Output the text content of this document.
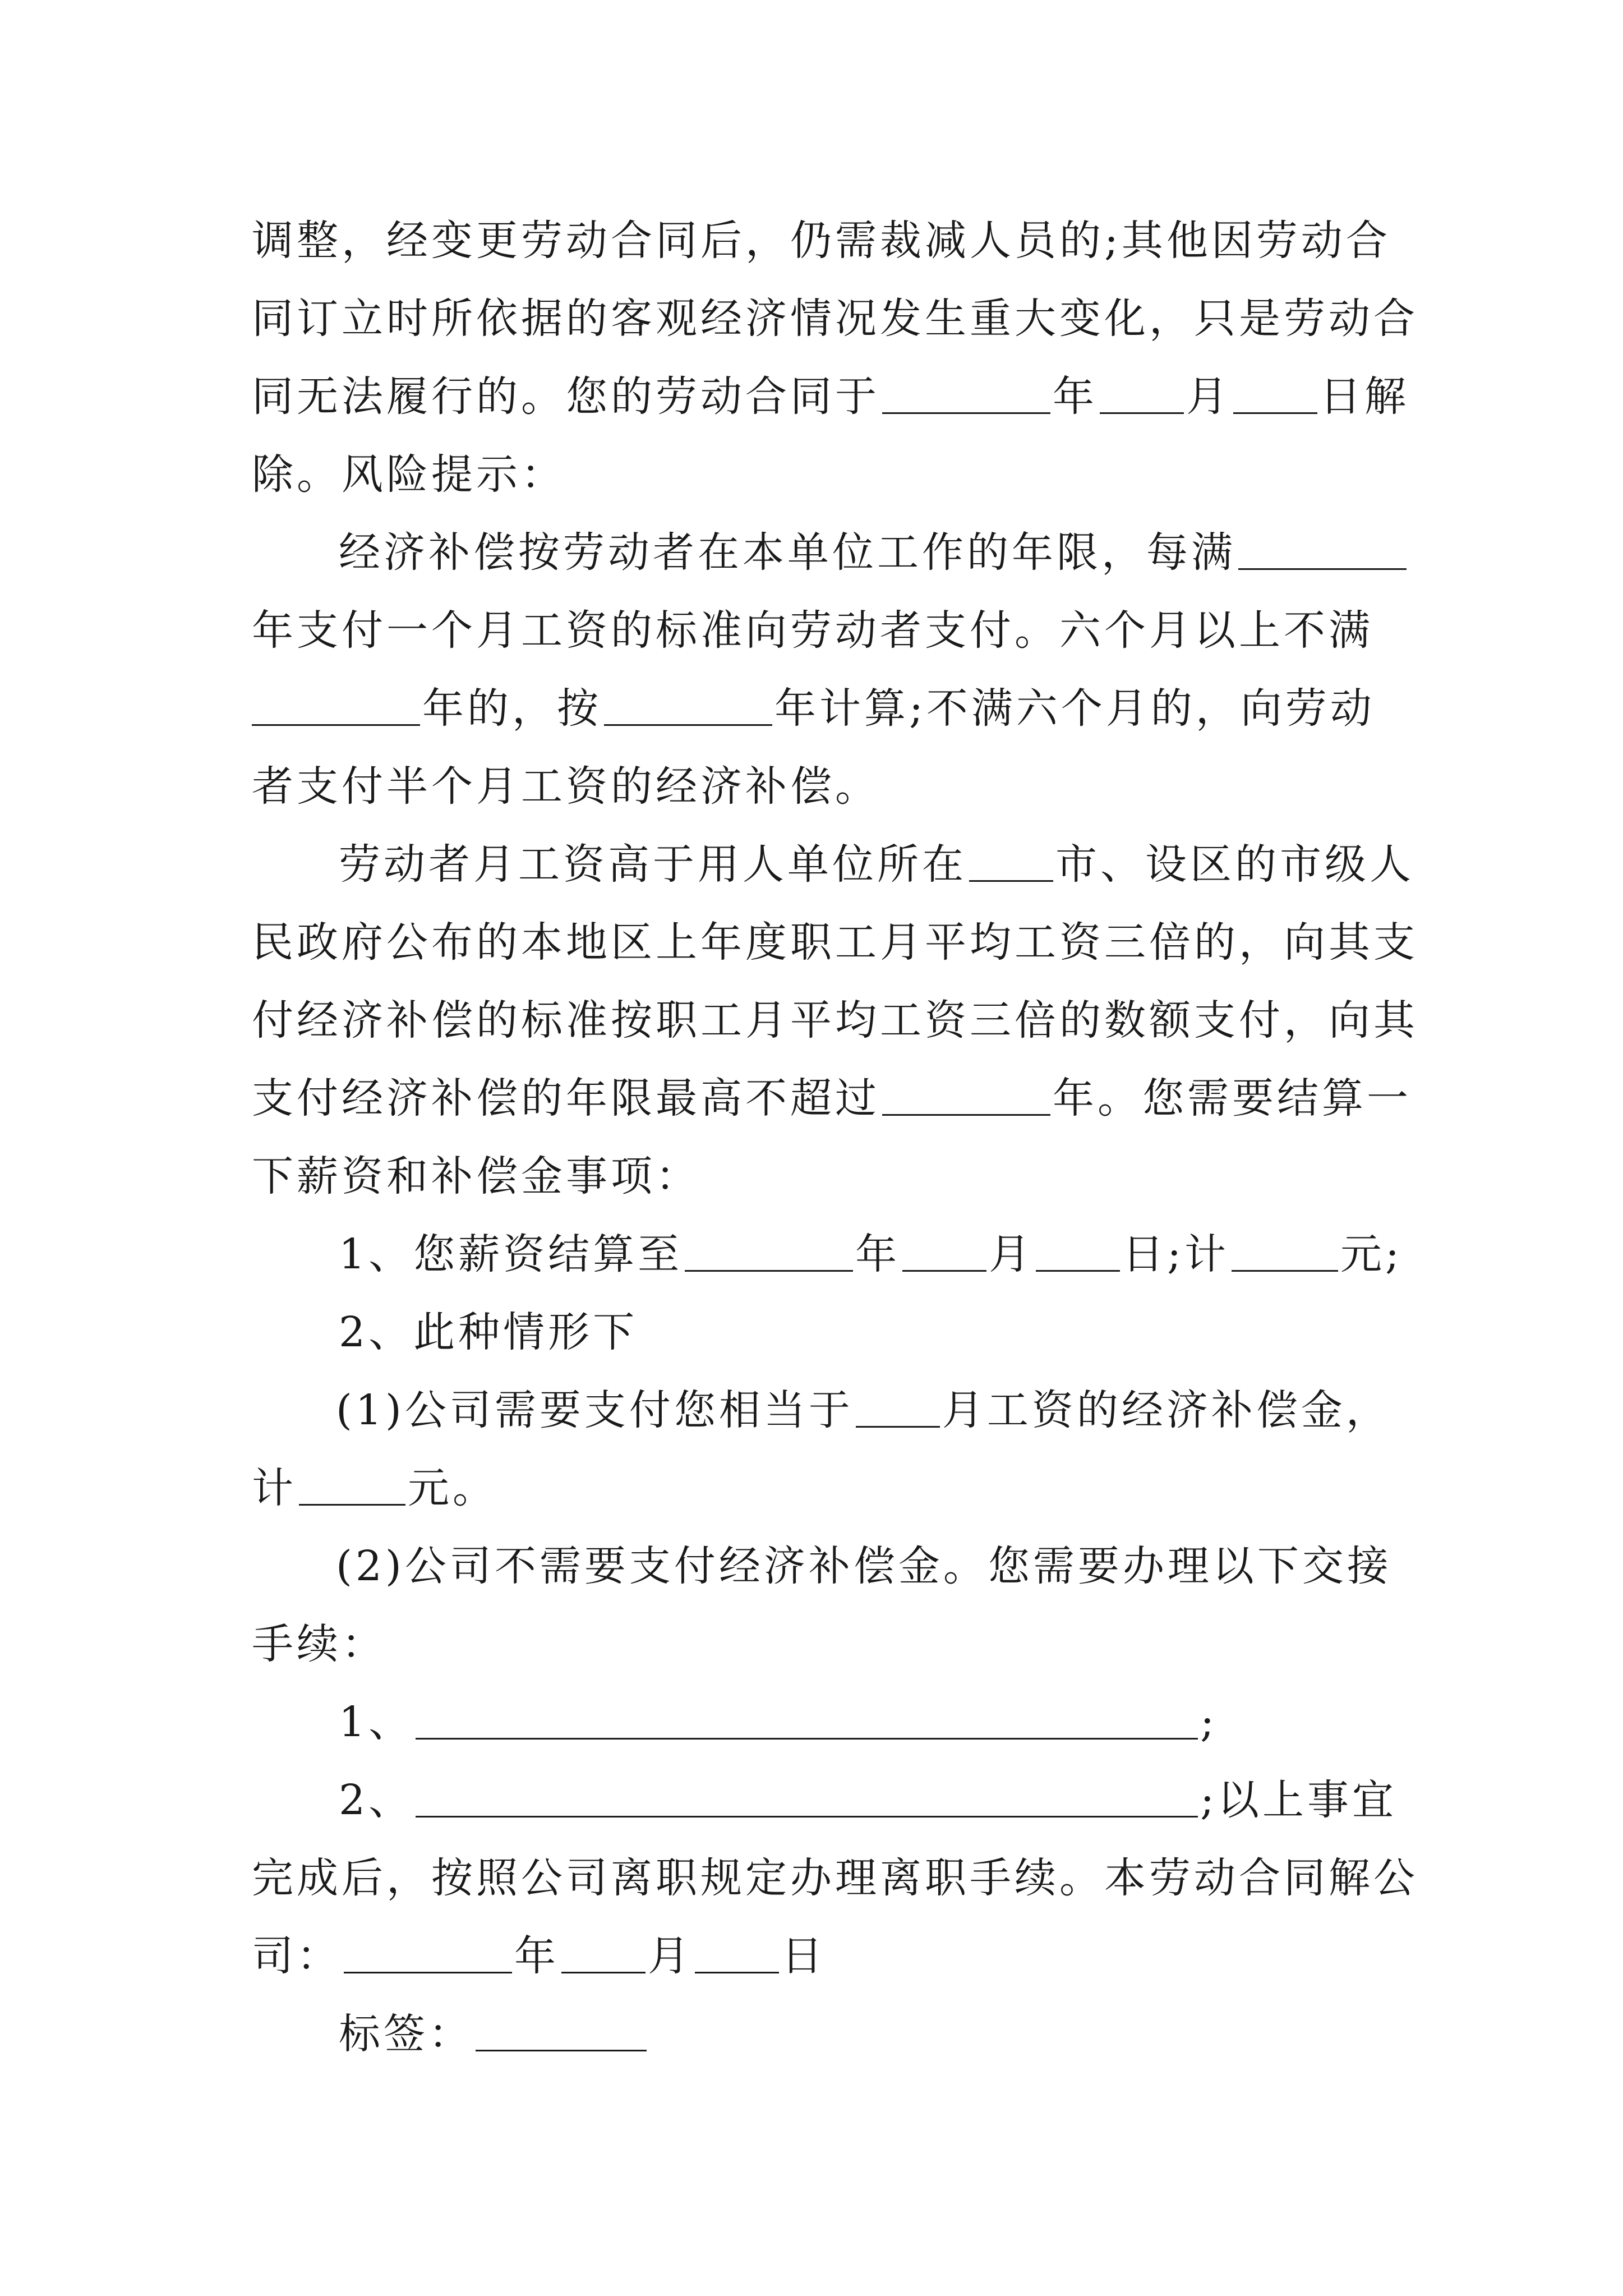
调整，经变更劳动合同后，仍需裁减人员的;其他因劳动合
同订立时所依据的客观经济情况发生重大变化，只是劳动合
同无法履行的。您的劳动合同于	年 月 日解
除。风险提示：
经济补偿按劳动者在本单位工作的年限，每满
年支付一个月工资的标准向劳动者支付。六个月以上不满
年的，按	年计算;不满六个月的，向劳动
者支付半个月工资的经济补偿。
劳动者月工资高于用人单位所在 市、设区的市级人
民政府公布的本地区上年度职工月平均工资三倍的，向其支
付经济补偿的标准按职工月平均工资三倍的数额支付，向其
支付经济补偿的年限最高不超过	年。您需要结算一
下薪资和补偿金事项：
1、您薪资结算至	年 月 日;计	元;
2、此种情形下
(1)公司需要支付您相当于 月工资的经济补偿金，
计	元。
(2)公司不需要支付经济补偿金。您需要办理以下交接
手续：
1、	;
2、	;以上事宜
完成后，按照公司离职规定办理离职手续。本劳动合同解公
司：	年 月 日
标签：
